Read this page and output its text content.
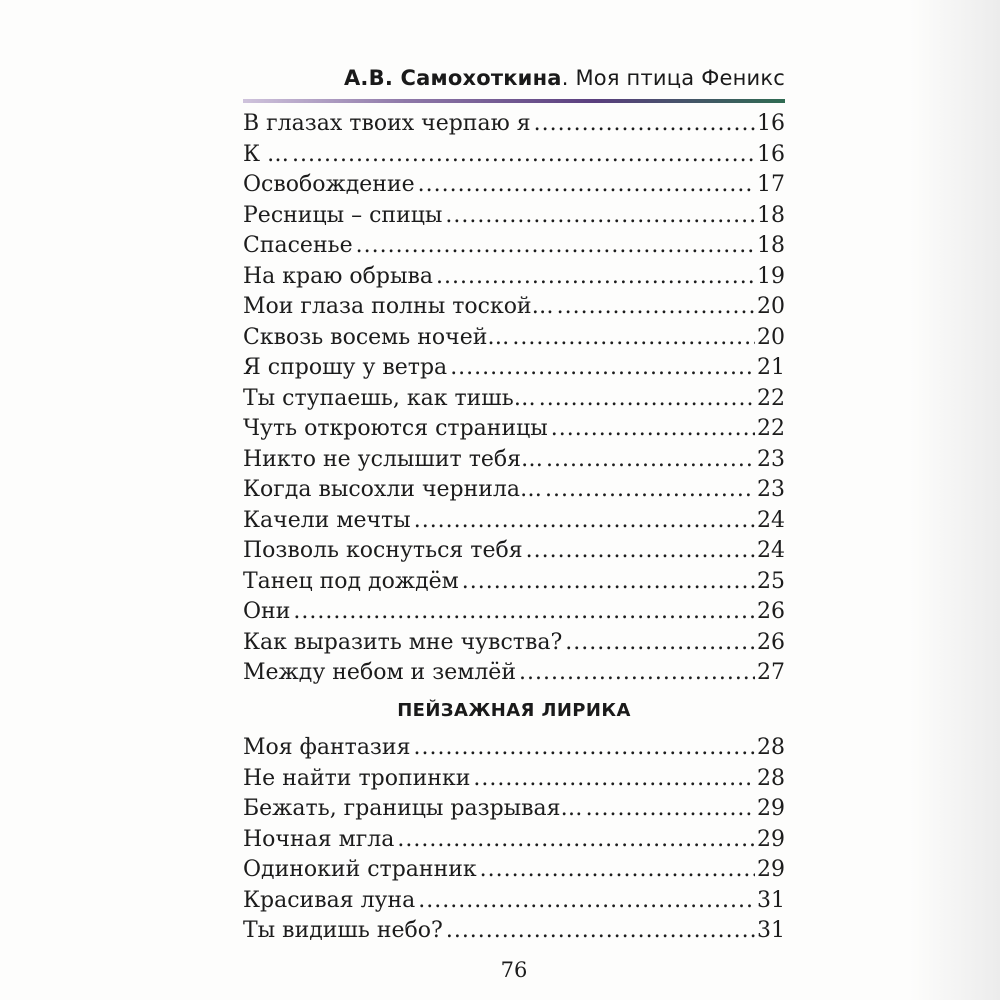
А.В. Самохоткина. Моя птица Феникс
В глазах твоих черпаю я .....	16
К … .....	16
Освобождение .....	17
Ресницы – спицы .....	18
Спасенье .....	18
На краю обрыва .....	19
Мои глаза полны тоской… .....	20
Сквозь восемь ночей… .....	20
Я спрошу у ветра .....	21
Ты ступаешь, как тишь… .....	22
Чуть откроются страницы .....	22
Никто не услышит тебя… .....	23
Когда высохли чернила… .....	23
Качели мечты .....	24
Позволь коснуться тебя .....	24
Танец под дождём .....	25
Они .....	26
Как выразить мне чувства? .....	26
Между небом и землёй .....	27
ПЕЙЗАЖНАЯ ЛИРИКА
Моя фантазия .....	28
Не найти тропинки .....	28
Бежать, границы разрывая… .....	29
Ночная мгла .....	29
Одинокий странник .....	29
Красивая луна .....	31
Ты видишь небо? .....	31
76
